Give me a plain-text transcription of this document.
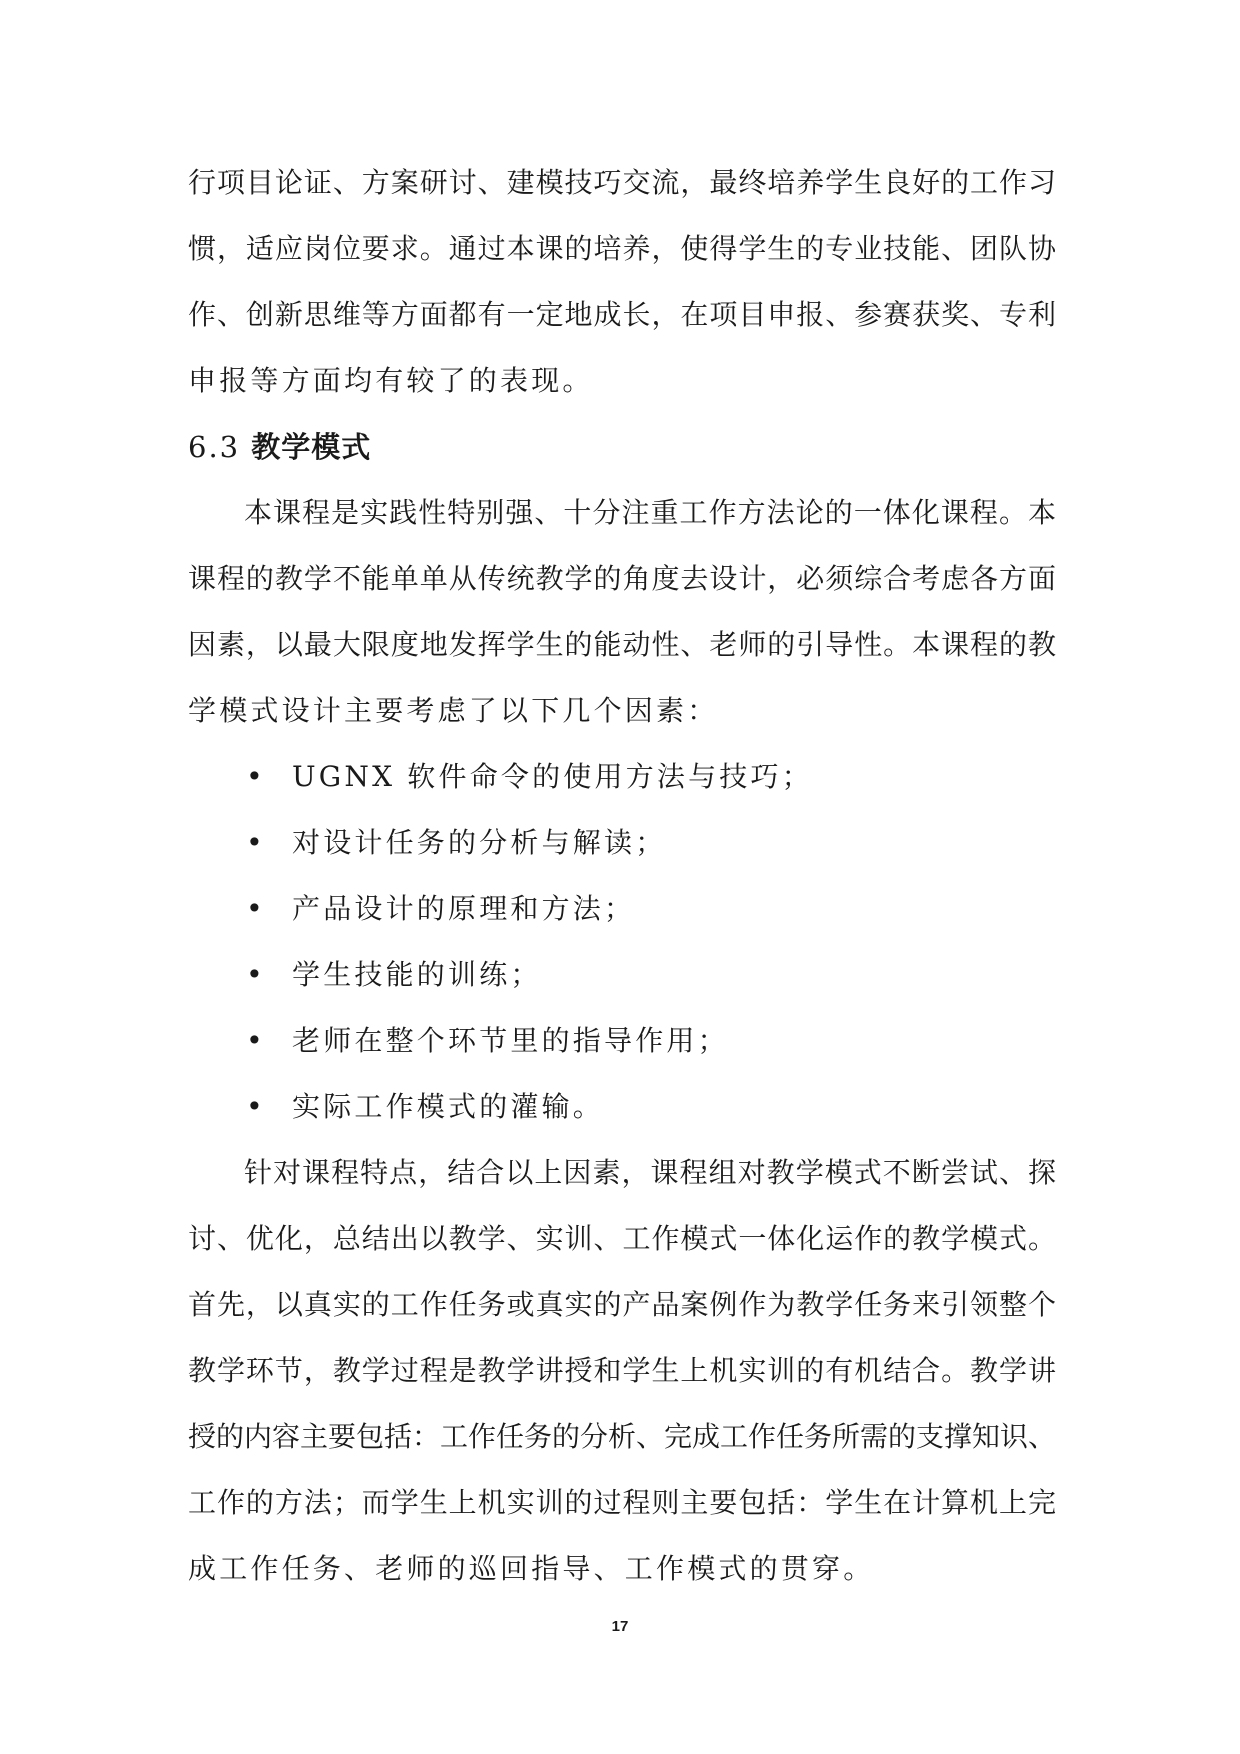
行项目论证、方案研讨、建模技巧交流，最终培养学生良好的工作习
惯，适应岗位要求。通过本课的培养，使得学生的专业技能、团队协
作、创新思维等方面都有一定地成长，在项目申报、参赛获奖、专利
申报等方面均有较了的表现。
6.3 教学模式
本课程是实践性特别强、十分注重工作方法论的一体化课程。本
课程的教学不能单单从传统教学的角度去设计，必须综合考虑各方面
因素，以最大限度地发挥学生的能动性、老师的引导性。本课程的教
学模式设计主要考虑了以下几个因素：
• UGNX 软件命令的使用方法与技巧；
• 对设计任务的分析与解读；
• 产品设计的原理和方法；
• 学生技能的训练；
• 老师在整个环节里的指导作用；
• 实际工作模式的灌输。
针对课程特点，结合以上因素，课程组对教学模式不断尝试、探
讨、优化，总结出以教学、实训、工作模式一体化运作的教学模式。
首先，以真实的工作任务或真实的产品案例作为教学任务来引领整个
教学环节，教学过程是教学讲授和学生上机实训的有机结合。教学讲
授的内容主要包括：工作任务的分析、完成工作任务所需的支撑知识、
工作的方法；而学生上机实训的过程则主要包括：学生在计算机上完
成工作任务、老师的巡回指导、工作模式的贯穿。
17
